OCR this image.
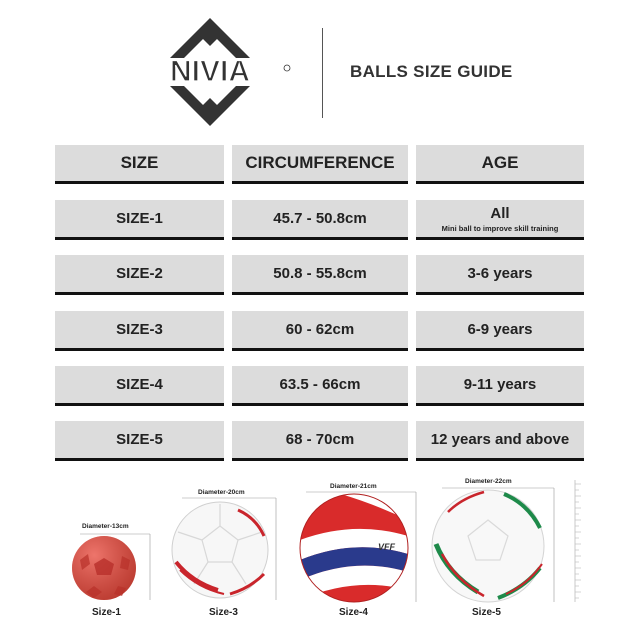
NIVIA	BALLS SIZE GUIDE
SIZE	CIRCUMFERENCE	AGE
SIZE-1	45.7 - 50.8cm	All
Mini ball to improve skill training
SIZE-2	50.8 - 55.8cm	3-6 years
SIZE-3	60 - 62cm	6-9 years
SIZE-4	63.5 - 66cm	9-11 years
SIZE-5	68 - 70cm	12 years and above
Diameter-13cm
Size-1
Diameter-20cm
Size-3
Diameter-21cm
VFF
Size-4
Diameter-22cm
Size-5
